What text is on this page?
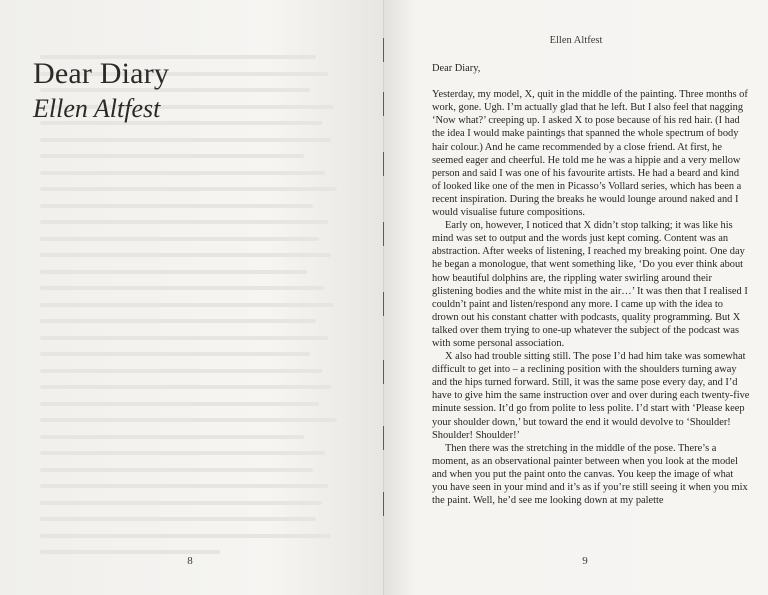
Dear Diary
Ellen Altfest
8
Ellen Altfest

Dear Diary,

Yesterday, my model, X, quit in the middle of the painting. Three months of work, gone. Ugh. I’m actually glad that he left. But I also feel that nagging ‘Now what?’ creeping up. I asked X to pose because of his red hair. (I had the idea I would make paintings that spanned the whole spectrum of body hair colour.) And he came recommended by a close friend. At first, he seemed eager and cheerful. He told me he was a hippie and a very mellow person and said I was one of his favourite artists. He had a beard and kind of looked like one of the men in Picasso’s Vollard series, which has been a recent inspiration. During the breaks he would lounge around naked and I would visualise future compositions.

Early on, however, I noticed that X didn’t stop talking; it was like his mind was set to output and the words just kept coming. Content was an abstraction. After weeks of listening, I reached my breaking point. One day he began a monologue, that went something like, ‘Do you ever think about how beautiful dolphins are, the rippling water swirling around their glistening bodies and the white mist in the air…’ It was then that I realised I couldn’t paint and listen/respond any more. I came up with the idea to drown out his constant chatter with podcasts, quality programming. But X talked over them trying to one-up whatever the subject of the podcast was with some personal association.

X also had trouble sitting still. The pose I’d had him take was somewhat difficult to get into – a reclining position with the shoulders turning away and the hips turned forward. Still, it was the same pose every day, and I’d have to give him the same instruction over and over during each twenty-five minute session. It’d go from polite to less polite. I’d start with ‘Please keep your shoulder down,’ but toward the end it would devolve to ‘Shoulder! Shoulder! Shoulder!’

Then there was the stretching in the middle of the pose. There’s a moment, as an observational painter between when you look at the model and when you put the paint onto the canvas. You keep the image of what you have seen in your mind and it’s as if you’re still seeing it when you mix the paint. Well, he’d see me looking down at my palette

9
